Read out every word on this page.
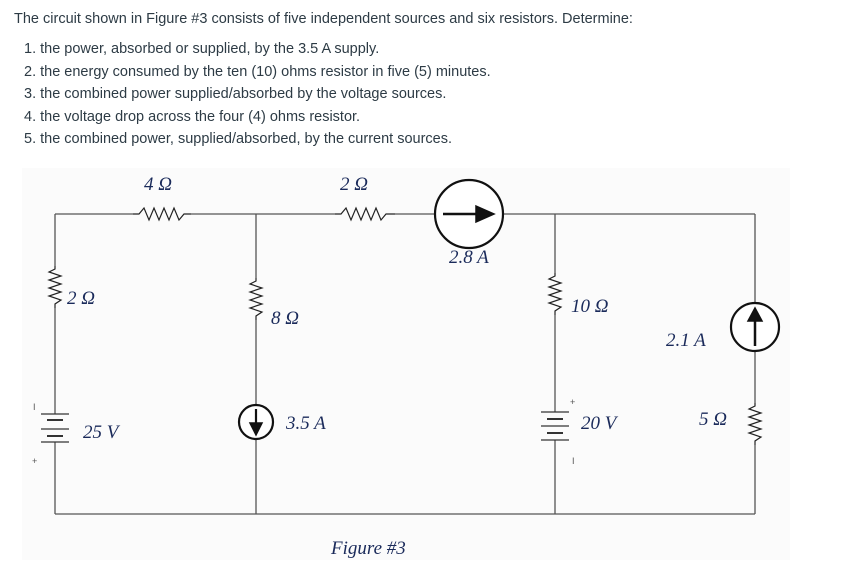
The circuit shown in Figure #3 consists of five independent sources and six resistors. Determine:

1. the power, absorbed or supplied, by the 3.5 A supply.
2. the energy consumed by the ten (10) ohms resistor in five (5) minutes.
3. the combined power supplied/absorbed by the voltage sources.
4. the voltage drop across the four (4) ohms resistor.
5. the combined power, supplied/absorbed, by the current sources.
I
+
+
I
4 Ω	2 Ω
2.8 A
2 Ω
8 Ω
10 Ω
2.1 A
25 V	3.5 A	20 V	5 Ω
Figure #3
